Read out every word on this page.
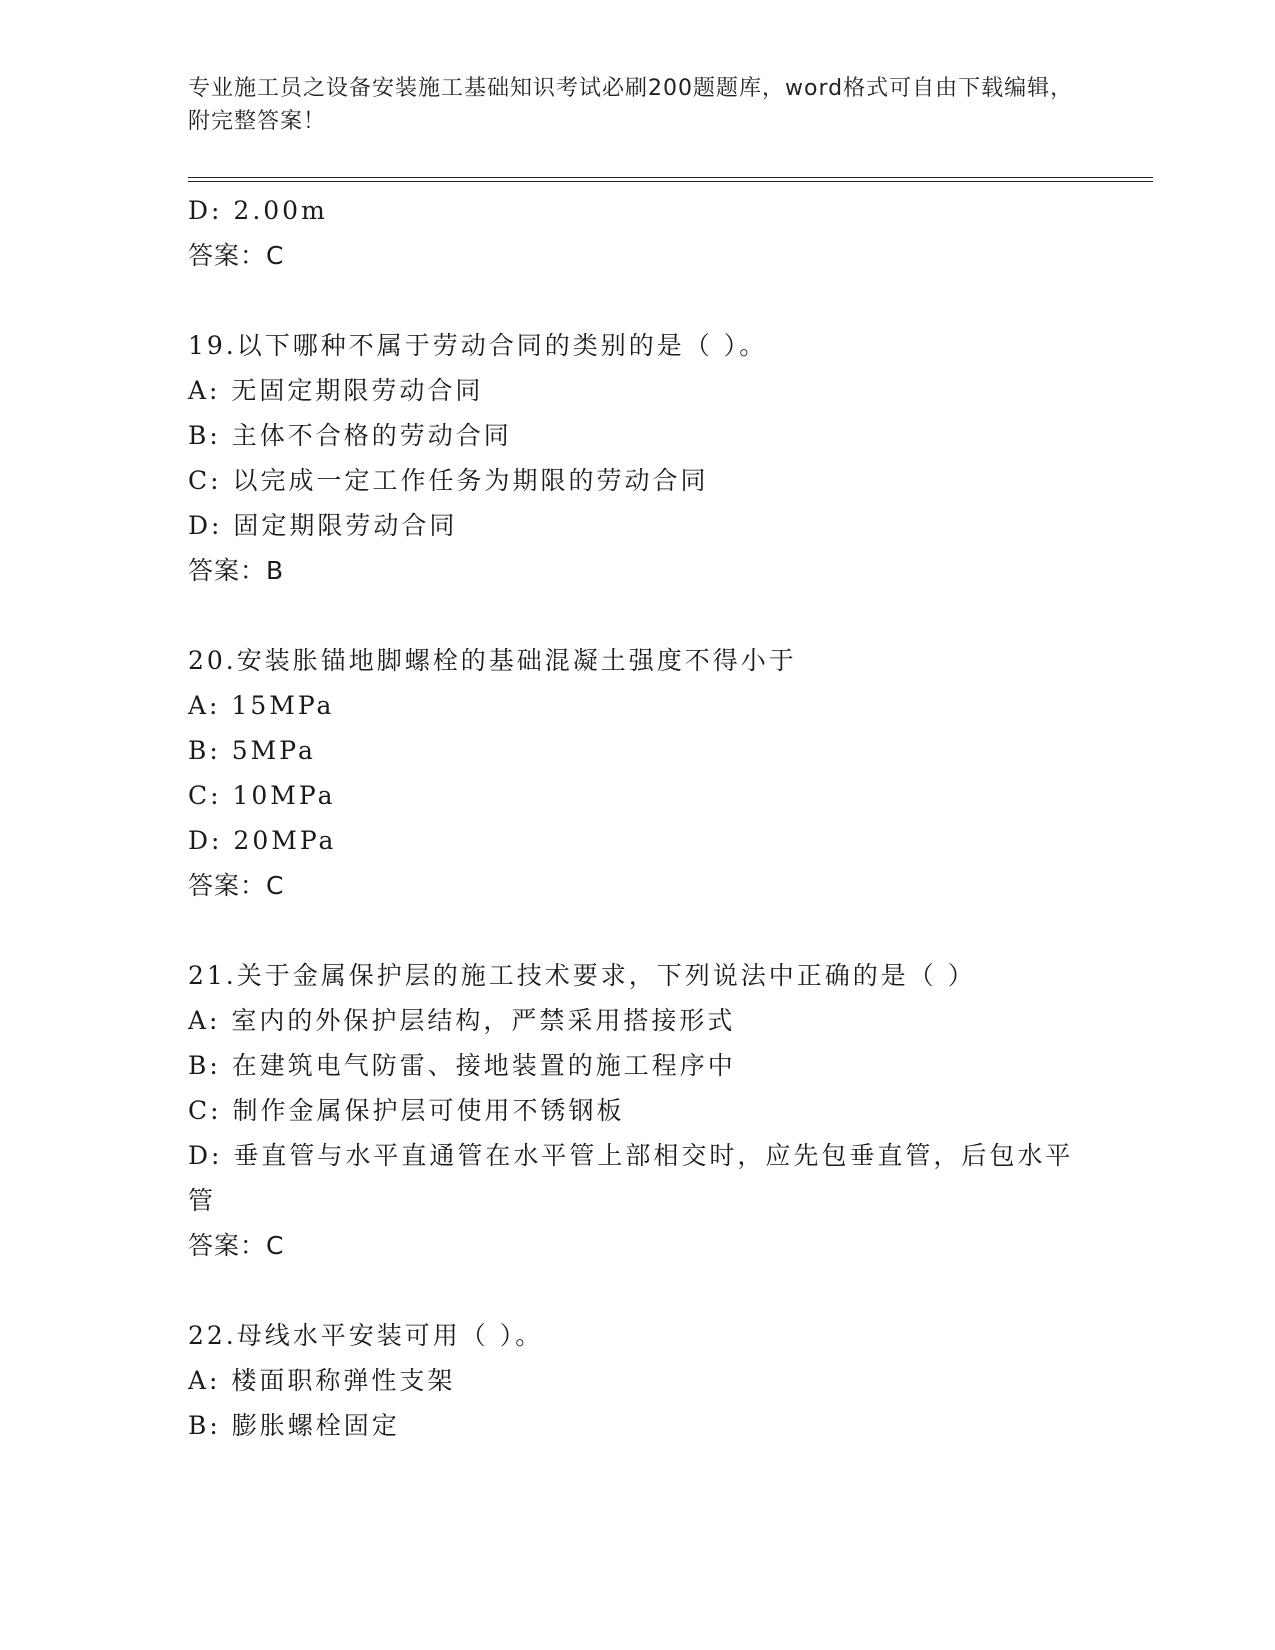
专业施工员之设备安装施工基础知识考试必刷200题题库，word格式可自由下载编辑，附完整答案！
D: 2.00m
答案：C
19.以下哪种不属于劳动合同的类别的是（ ）。
A: 无固定期限劳动合同
B: 主体不合格的劳动合同
C: 以完成一定工作任务为期限的劳动合同
D: 固定期限劳动合同
答案：B
20.安装胀锚地脚螺栓的基础混凝土强度不得小于
A: 15MPa
B: 5MPa
C: 10MPa
D: 20MPa
答案：C
21.关于金属保护层的施工技术要求，下列说法中正确的是（ ）
A: 室内的外保护层结构，严禁采用搭接形式
B: 在建筑电气防雷、接地装置的施工程序中
C: 制作金属保护层可使用不锈钢板
D: 垂直管与水平直通管在水平管上部相交时，应先包垂直管，后包水平管
答案：C
22.母线水平安装可用（ ）。
A: 楼面职称弹性支架
B: 膨胀螺栓固定
